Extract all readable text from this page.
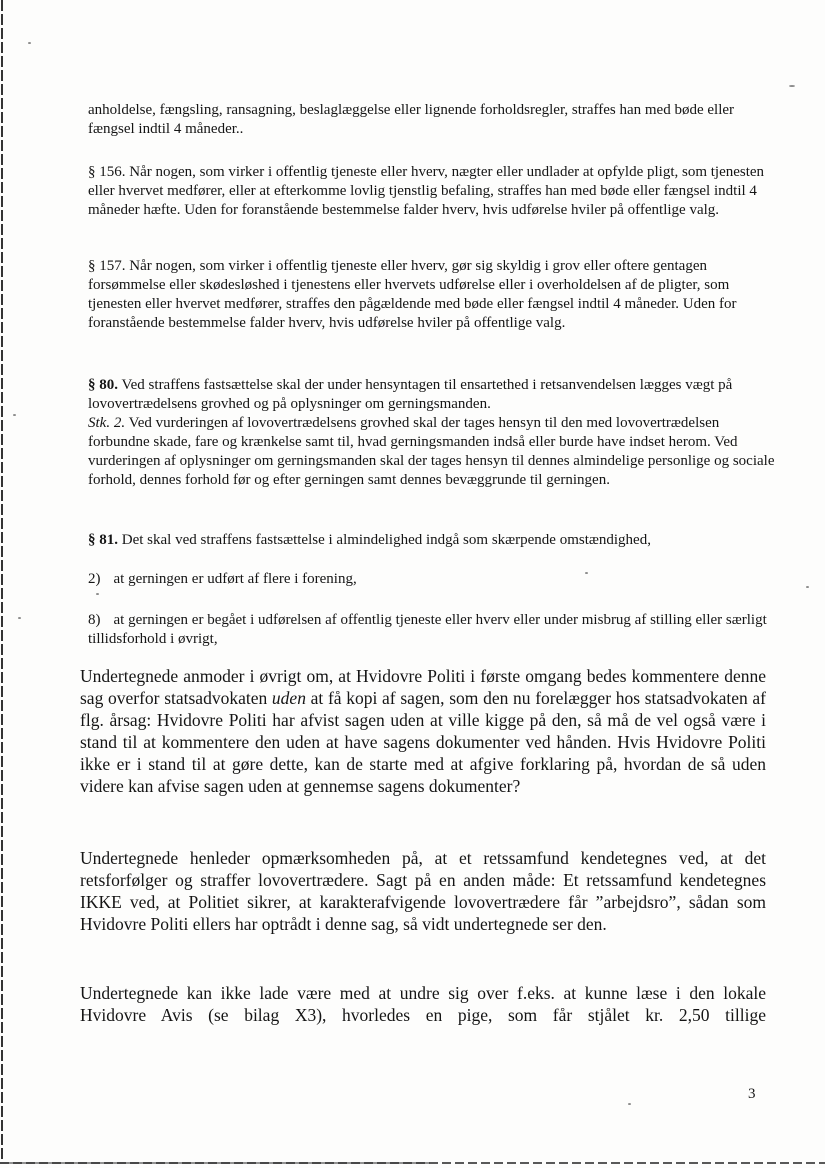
anholdelse, fængsling, ransagning, beslaglæggelse eller lignende forholdsregler, straffes han med bøde eller fængsel indtil 4 måneder..

§ 156. Når nogen, som virker i offentlig tjeneste eller hverv, nægter eller undlader at opfylde pligt, som tjenesten eller hvervet medfører, eller at efterkomme lovlig tjenstlig befaling, straffes han med bøde eller fængsel indtil 4 måneder hæfte. Uden for foranstående bestemmelse falder hverv, hvis udførelse hviler på offentlige valg.

§ 157. Når nogen, som virker i offentlig tjeneste eller hverv, gør sig skyldig i grov eller oftere gentagen forsømmelse eller skødesløshed i tjenestens eller hvervets udførelse eller i overholdelsen af de pligter, som tjenesten eller hvervet medfører, straffes den pågældende med bøde eller fængsel indtil 4 måneder. Uden for foranstående bestemmelse falder hverv, hvis udførelse hviler på offentlige valg.

§ 80. Ved straffens fastsættelse skal der under hensyntagen til ensartethed i retsanvendelsen lægges vægt på lovovertrædelsens grovhed og på oplysninger om gerningsmanden.
Stk. 2. Ved vurderingen af lovovertrædelsens grovhed skal der tages hensyn til den med lovovertrædelsen forbundne skade, fare og krænkelse samt til, hvad gerningsmanden indså eller burde have indset herom. Ved vurderingen af oplysninger om gerningsmanden skal der tages hensyn til dennes almindelige personlige og sociale forhold, dennes forhold før og efter gerningen samt dennes bevæggrunde til gerningen.

§ 81. Det skal ved straffens fastsættelse i almindelighed indgå som skærpende omstændighed,

2) at gerningen er udført af flere i forening,

8) at gerningen er begået i udførelsen af offentlig tjeneste eller hverv eller under misbrug af stilling eller særligt tillidsforhold i øvrigt,

Undertegnede anmoder i øvrigt om, at Hvidovre Politi i første omgang bedes kommentere denne sag overfor statsadvokaten uden at få kopi af sagen, som den nu forelægger hos statsadvokaten af flg. årsag: Hvidovre Politi har afvist sagen uden at ville kigge på den, så må de vel også være i stand til at kommentere den uden at have sagens dokumenter ved hånden. Hvis Hvidovre Politi ikke er i stand til at gøre dette, kan de starte med at afgive forklaring på, hvordan de så uden videre kan afvise sagen uden at gennemse sagens dokumenter?

Undertegnede henleder opmærksomheden på, at et retssamfund kendetegnes ved, at det retsforfølger og straffer lovovertrædere. Sagt på en anden måde: Et retssamfund kendetegnes IKKE ved, at Politiet sikrer, at karakterafvigende lovovertrædere får ”arbejdsro”, sådan som Hvidovre Politi ellers har optrådt i denne sag, så vidt undertegnede ser den.

Undertegnede kan ikke lade være med at undre sig over f.eks. at kunne læse i den lokale Hvidovre Avis (se bilag X3), hvorledes en pige, som får stjålet kr. 2,50 tillige

3
